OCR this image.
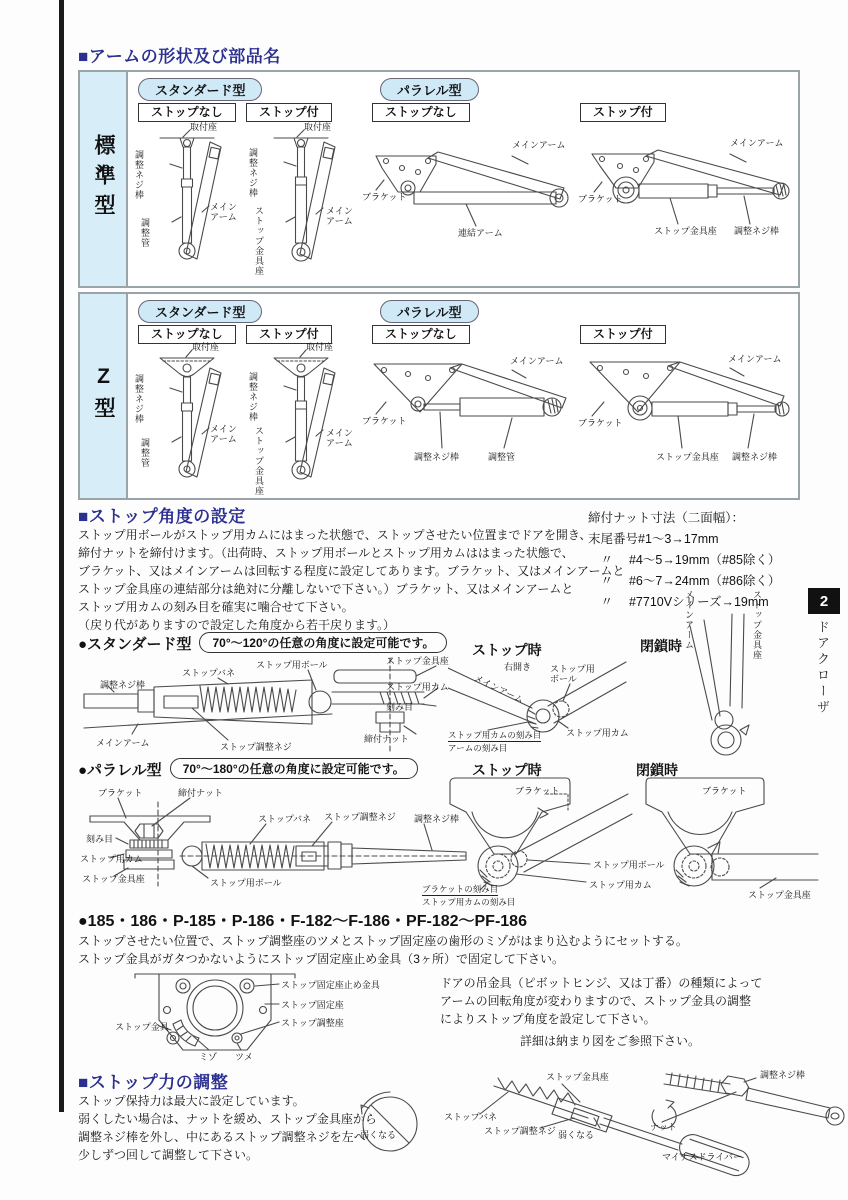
■アームの形状及び部品名
標準型
スタンダード型	パラレル型
ストップなし	ストップ付	ストップなし	ストップ付
取付座
調整ネジ棒
調整管
メインアーム
取付座
調整ネジ棒
ストップ金具座	メインアーム
メインアーム
ブラケット
連結アーム
メインアーム
ブラケット
ストップ金具座 調整ネジ棒
Z型
スタンダード型	パラレル型
ストップなし	ストップ付	ストップなし	ストップ付
取付座
調整ネジ棒
調整管
メインアーム
取付座
調整ネジ棒
ストップ金具座	メインアーム
ブラケット
メインアーム
調整ネジ棒	調整管
ブラケット
メインアーム
ストップ金具座 調整ネジ棒
■ストップ角度の設定
ストップ用ボールがストップ用カムにはまった状態で、ストップさせたい位置までドアを開き、
締付ナットを締付けます。（出荷時、ストップ用ボールとストップ用カムははまった状態で、
ブラケット、又はメインアームは回転する程度に設定してあります。ブラケット、又はメインアームと
ストップ金具座の連結部分は絶対に分離しないで下さい。）ブラケット、又はメインアームと
ストップ用カムの刻み目を確実に噛合せて下さい。
（戻り代がありますので設定した角度から若干戻ります。）
締付ナット寸法（二面幅）：
末尾番号#1～3→17mm
　〃　 #4～5→19mm（#85除く）
　〃　 #6～7→24mm（#86除く）
　〃　 #7710Vシリーズ→19mm	2
ドアクローザ
●スタンダード型 70°～120°の任意の角度に設定可能です。
調整ネジ棒
ストップバネ
ストップ用ボール	ストップ金具座
ストップ用カム
刻み目
締付ナット
ストップ調整ネジ
メインアーム
ストップ時
右開き
メインアーム
ストップ用ボール
ストップ用カム
ストップ用カムの刻み目
アームの刻み目
閉鎖時 メインアーム	ストップ金具座
●パラレル型 70°～180°の任意の角度に設定可能です。
ブラケット	締付ナット
ストップバネ ストップ調整ネジ 調整ネジ棒
刻み目
ストップ用カム
ストップ金具座	ストップ用ボール
ストップ時
ブラケット
ストップ用ボール
ストップ用カム
ブラケットの刻み目
ストップ用カムの刻み目
閉鎖時
ブラケット
ストップ金具座
●185・186・P-185・P-186・F-182～F-186・PF-182～PF-186
ストップさせたい位置で、ストップ調整座のツメとストップ固定座の歯形のミゾがはまり込むようにセットする。
ストップ金具がガタつかないようにストップ固定座止め金具（3ヶ所）で固定して下さい。
ストップ固定座止め金具
ストップ固定座
ストップ調整座
ストップ金具
ミゾ ツメ
ドアの吊金具（ピボットヒンジ、又は丁番）の種類によって
アームの回転角度が変わりますので、ストップ金具の調整
によりストップ角度を設定して下さい。
詳細は納まり図をご参照下さい。
■ストップ力の調整
ストップ保持力は最大に設定しています。
弱くしたい場合は、ナットを緩め、ストップ金具座から
調整ネジ棒を外し、中にあるストップ調整ネジを左へ
少しずつ回して調整して下さい。
弱くなる
ストップ金具座	調整ネジ棒
ストップバネ
ストップ調整ネジ 弱くなる
ナット
マイナスドライバー
